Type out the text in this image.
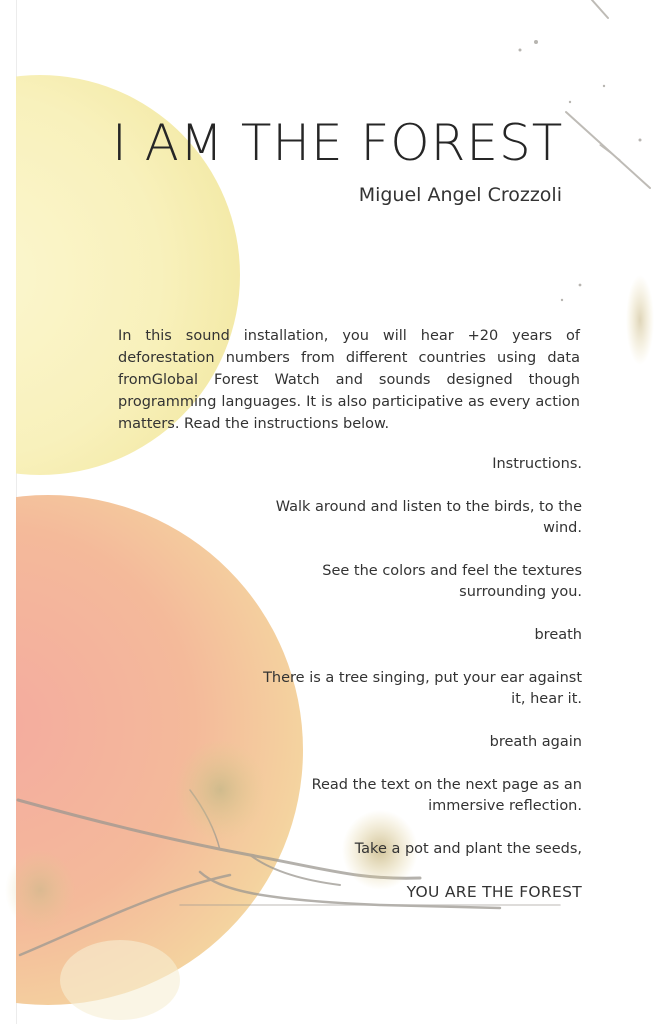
I AM THE FOREST
Miguel Angel Crozzoli
In this sound installation, you will hear +20 years of deforestation numbers from different countries using data fromGlobal Forest Watch and sounds designed though programming languages. It is also participative as every action matters. Read the instructions below.

Instructions.

Walk around and listen to the birds, to the wind.

See the colors and feel the textures surrounding you.

breath

There is a tree singing, put your ear against it, hear it.

breath again

Read the text on the next page as an immersive reflection.

Take a pot and plant the seeds,

YOU ARE THE FOREST
